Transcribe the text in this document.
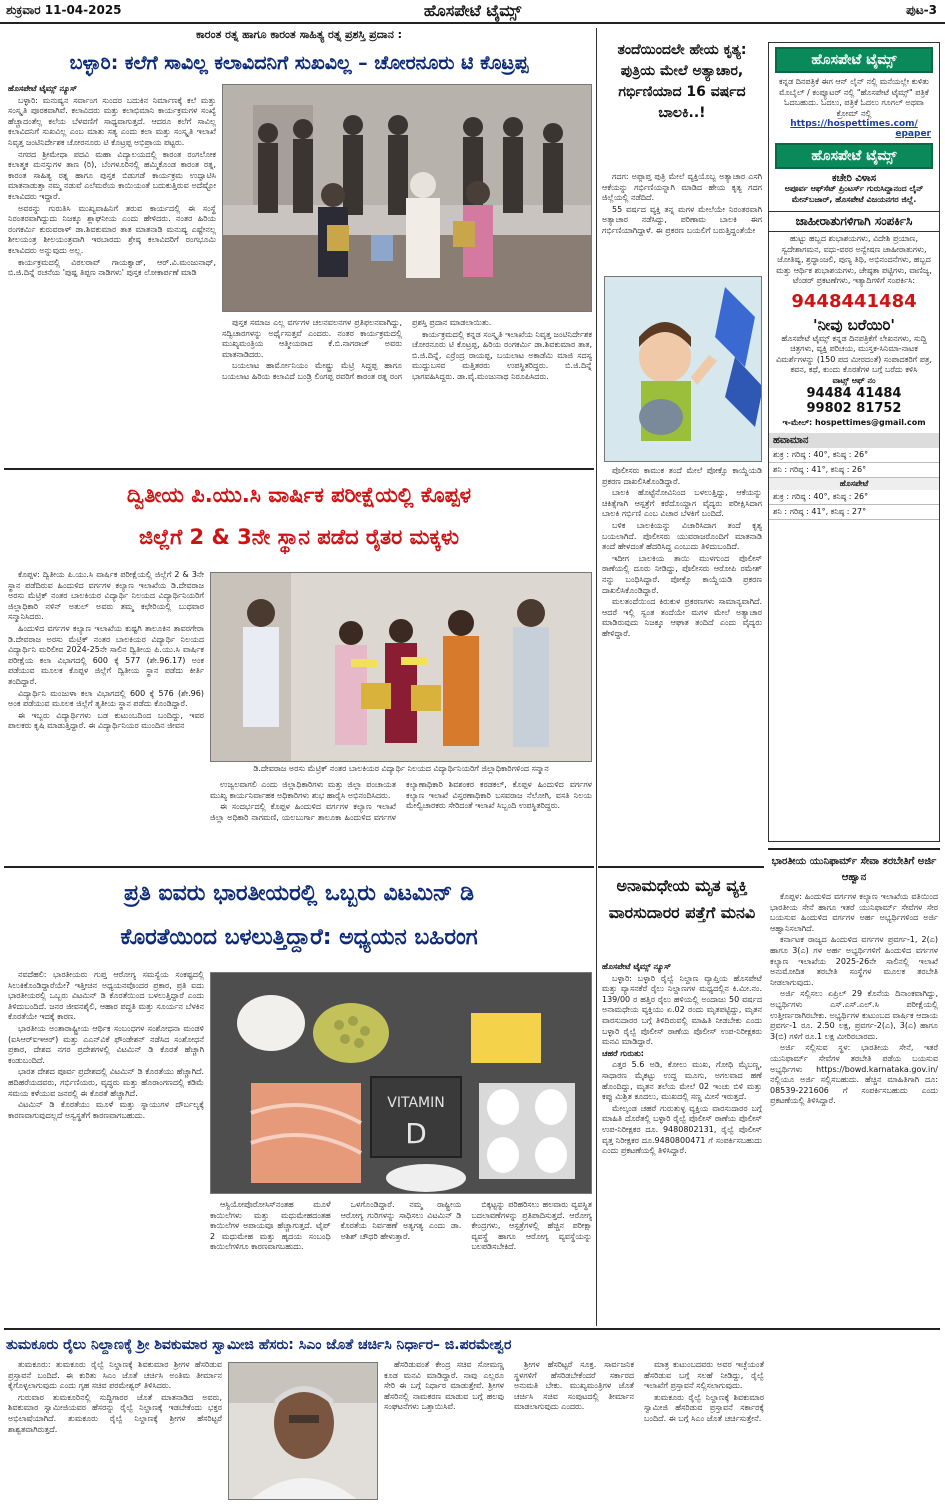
ಶುಕ್ರವಾರ 11-04-2025	ಹೊಸಪೇಟೆ ಟೈಮ್ಸ್	ಪುಟ-3
ಕಾರಂತ ರತ್ನ ಹಾಗೂ ಕಾರಂತ ಸಾಹಿತ್ಯ ರತ್ನ ಪ್ರಶಸ್ತಿ ಪ್ರದಾನ :
ಬಳ್ಳಾರಿ: ಕಲೆಗೆ ಸಾವಿಲ್ಲ ಕಲಾವಿದನಿಗೆ ಸುಖವಿಲ್ಲ – ಚೋರನೂರು ಟಿ ಕೊಟ್ರಪ್ಪ

ಹೊಸಪೇಟೆ ಟೈಮ್ಸ್ ನ್ಯೂಸ್

ಬಳ್ಳಾರಿ: ಮನುಷ್ಯನ ಸರ್ವಾಂಗ ಸುಂದರ ಬದುಕಿನ ನಿರ್ಮಾಣಕ್ಕೆ ಕಲೆ ಮತ್ತು ಸಂಸ್ಕೃತಿ ಪೂರಕವಾಗಿವೆ. ಕಲಾವಿದರು ಮತ್ತು ಕಲಾಭಿಮಾನಿ ಕಾರ್ಯಕ್ರಮಗಳ ಸಂಖ್ಯೆ ಹೆಚ್ಚಾದಂತೆಲ್ಲ ಕಲೆಯ ಬೆಳವಣಿಗೆ ಸಾಧ್ಯವಾಗುತ್ತದೆ. ಆದರೂ ಕಲೆಗೆ ಸಾವಿಲ್ಲ ಕಲಾವಿದನಿಗೆ ಸುಖವಿಲ್ಲ ಎಂಬ ಮಾತು ಸತ್ಯ ಎಂದು ಕಲಾ ಮತ್ತು ಸಂಸ್ಕೃತಿ ಇಲಾಖೆ ನಿವೃತ್ತ ಜಂಟಿನಿರ್ದೇಶಕ ಚೋರನೂರು ಟಿ ಕೊಟ್ರಪ್ಪ ಅಭಿಪ್ರಾಯ ಪಟ್ಟರು.

ನಗರದ ಶ್ರೀಮೇಧಾ ಪದವಿ ಮಹಾ ವಿದ್ಯಾಲಯದಲ್ಲಿ ಕಾರಂತ ರಂಗಲೋಕ ಕಲಾತ್ಮಕ ಮನಸ್ಸುಗಳ ತಾಣ (ರಿ), ಬೆಂಗಳೂರಿನಲ್ಲಿ ಹಮ್ಮಿಕೊಂಡ ಕಾರಂತ ರತ್ನ, ಕಾರಂತ ಸಾಹಿತ್ಯ ರತ್ನ ಹಾಗೂ ಪುಸ್ತಕ ಬಿಡುಗಡೆ ಕಾರ್ಯಕ್ರಮ ಉದ್ಘಾಟಿಸಿ ಮಾತನಾಡುತ್ತಾ ನಮ್ಮ ನಡುವೆ ಎಲೆಮರೆಯ ಕಾಯಿಯಂತೆ ಬದುಕುತ್ತಿರುವ ಅದೆಷ್ಟೋ ಕಲಾವಿದರು ಇದ್ದಾರೆ.

ಅವರನ್ನು ಗುರುತಿಸಿ ಮುಖ್ಯವಾಹಿನಿಗೆ ತರುವ ಕಾರ್ಯದಲ್ಲಿ ಈ ಸಂಸ್ಥೆ ನಿರಂತರವಾಗಿದ್ದುದು ನಿಜಕ್ಕೂ ಶ್ಲಾಘನೀಯ ಎಂದು ಹೇಳಿದರು. ನಂತರ ಹಿರಿಯ ರಂಗಕರ್ಮಿ ಕುರುವರಾಳ್ ಡಾ.ಶಿವಕುಮಾರ ತಾತ ಮಾತನಾಡಿ ಮನುಷ್ಯ ಎಷ್ಟೇನಲ್ಲ ಶೀಲಯಂತ್ರ ಶೀಲಯಂತ್ರವಾಗಿ ಇರಬಾರದು ಶ್ರೇಷ್ಠ ಕಲಾವಿದರಿಗೆ ರಂಗಭೂಮಿ ಕಲಾವಿದರು ಅನ್ನುವುದು ಅಲ್ಲ.

ಕಾರ್ಯಕ್ರಮದಲ್ಲಿ ವಿಠಲರಾವ್ ಗಾಯಕ್ವಾಡ್, ಆರ್.ವಿ.ಮಂಜುನಾಥ್, ಬಿ.ಜಿ.ದಿನ್ನೆ ರಚನೆಯ 'ಪುಷ್ಪ ತಿಪ್ಪಣ ನಾಡಿಗಳು' ಪುಸ್ತಕ ಲೋಕಾರ್ಪಣೆ ಮಾಡಿ

ಪುಸ್ತಕ ಸಮಾಜ ಎಲ್ಲ ವರ್ಗಗಳ ಚಲನವಲನಗಳ ಪ್ರತಿಫಲನವಾಗಿದ್ದು, ಸದ್ವಿಚಾರಗಳನ್ನು ಅರ್ಥೈಸುತ್ತವೆ ಎಂದರು. ನಂತರ ಕಾರ್ಯಕ್ರಮದಲ್ಲಿ ಮುಖ್ಯಮಂತ್ರಿಯ ಆತ್ಮೀಯರಾದ ಕೆ.ಬಿ.ನಾಗರಾಜ್ ಅವರು ಮಾತನಾಡಿದರು.

ಬಯಲಾಟ ಹಾರ್ಮೋನಿಯಂ ಮೇಷ್ಟ್ರು ಮೆಟ್ರಿ ಸಿದ್ದಪ್ಪ ಹಾಗೂ ಬಯಲಾಟ ಹಿರಿಯ ಕಲಾವಿದೆ ಬಂಡ್ರಿ ಲಿಂಗಪ್ಪ ರವರಿಗೆ ಕಾರಂತ ರತ್ನ ರಂಗ ಪ್ರಶಸ್ತಿ ಪ್ರದಾನ ಮಾಡಲಾಯಿತು.

ಕಾರ್ಯಕ್ರಮದಲ್ಲಿ ಕನ್ನಡ ಸಂಸ್ಕೃತಿ ಇಲಾಖೆಯ ನಿವೃತ್ತ ಜಂಟಿನಿರ್ದೇಶಕ ಚೋರನೂರು ಟಿ ಕೊಟ್ರಪ್ಪ, ಹಿರಿಯ ರಂಗಕರ್ಮಿ ಡಾ.ಶಿವಕುಮಾರ ತಾತ, ಬಿ.ಜಿ.ದಿನ್ನೆ, ಎರ್ರೆಂದ್ರ ರಾಯಪ್ಪ, ಬಯಲಾಟ ಅಕಾಡೆಮಿ ಮಾಜಿ ಸದಸ್ಯ ಮುದ್ದುಬಸವ ಮತ್ತಿತರರು ಉಪಸ್ಥಿತರಿದ್ದರು. ಬಿ.ಜಿ.ದಿನ್ನೆ ಭಾಗವಹಿಸಿದ್ದರು. ಡಾ.ವೈ.ಮಂಜುನಾಥ ನಿರೂಪಿಸಿದರು.

ದ್ವಿತೀಯ ಪಿ.ಯು.ಸಿ ವಾರ್ಷಿಕ ಪರೀಕ್ಷೆಯಲ್ಲಿ ಕೊಪ್ಪಳ
ಜಿಲ್ಲೆಗೆ 2 & 3ನೇ ಸ್ಥಾನ ಪಡೆದ ರೈತರ ಮಕ್ಕಳು

ಕೊಪ್ಪಳ: ದ್ವಿತೀಯ ಪಿ.ಯು.ಸಿ ವಾರ್ಷಿಕ ಪರೀಕ್ಷೆಯಲ್ಲಿ ಜಿಲ್ಲೆಗೆ 2 & 3ನೇ ಸ್ಥಾನ ಪಡೆದಿರುವ ಹಿಂದುಳಿದ ವರ್ಗಗಳ ಕಲ್ಯಾಣ ಇಲಾಖೆಯ ಡಿ.ದೇವರಾಜ ಅರಸು ಮೆಟ್ರಿಕ್ ನಂತರ ಬಾಲಕಿಯರ ವಿದ್ಯಾರ್ಥಿ ನಿಲಯದ ವಿದ್ಯಾರ್ಥಿನಿಯರಿಗೆ ಜಿಲ್ಲಾಧಿಕಾರಿ ನಳಿನ್ ಅತುಲ್ ಅವರು ತಮ್ಮ ಕಛೇರಿಯಲ್ಲಿ ಬುಧವಾರ ಸನ್ಮಾನಿಸಿದರು.

ಹಿಂದುಳಿದ ವರ್ಗಗಳ ಕಲ್ಯಾಣ ಇಲಾಖೆಯ ಕುಷ್ಟಗಿ ತಾಲೂಕಿನ ತಾವರಗೇರಾ ಡಿ.ದೇವರಾಜ ಅರಸು ಮೆಟ್ರಿಕ್ ನಂತರ ಬಾಲಕಿಯರ ವಿದ್ಯಾರ್ಥಿ ನಿಲಯದ ವಿದ್ಯಾರ್ಥಿನಿ ಮರಿಲೀವ 2024-25ನೇ ಸಾಲಿನ ದ್ವಿತೀಯ ಪಿ.ಯು.ಸಿ ವಾರ್ಷಿಕ ಪರೀಕ್ಷೆಯ ಕಲಾ ವಿಭಾಗದಲ್ಲಿ 600 ಕ್ಕೆ 577 (ಶೇ.96.17) ಅಂಕ ಪಡೆಯುವ ಮೂಲಕ ಕೊಪ್ಪಳ ಜಿಲ್ಲೆಗೆ ದ್ವಿತೀಯ ಸ್ಥಾನ ಪಡೆದು ಕೀರ್ತಿ ತಂದಿದ್ದಾರೆ.

ವಿದ್ಯಾರ್ಥಿನಿ ಮಂಜುಳಾ ಕಲಾ ವಿಭಾಗದಲ್ಲಿ 600 ಕ್ಕೆ 576 (ಶೇ.96) ಅಂಕ ಪಡೆಯುವ ಮೂಲಕ ಜಿಲ್ಲೆಗೆ ತೃತೀಯ ಸ್ಥಾನ ಪಡೆದು ಕೊಂಡಿದ್ದಾರೆ.

ಈ ಇಬ್ಬರು ವಿದ್ಯಾರ್ಥಿಗಳು ಬಡ ಕುಟುಂಬದಿಂದ ಬಂದಿದ್ದು, ಇವರ ಪಾಲಕರು ಕೃಷಿ ಮಾಡುತ್ತಿದ್ದಾರೆ. ಈ ವಿದ್ಯಾರ್ಥಿನಿಯರ ಮುಂದಿನ ಜೀವನ

ಡಿ.ದೇವರಾಜ ಅರಸು ಮೆಟ್ರಿಕ್ ನಂತರ ಬಾಲಕಿಯರ ವಿದ್ಯಾರ್ಥಿ ನಿಲಯದ ವಿದ್ಯಾರ್ಥಿನಿಯರಿಗೆ ಜಿಲ್ಲಾಧಿಕಾರಿಗಳಿಂದ ಸನ್ಮಾನ

ಉಜ್ವಲವಾಗಲಿ ಎಂದು ಜಿಲ್ಲಾಧಿಕಾರಿಗಳು ಮತ್ತು ಜಿಲ್ಲಾ ಪಂಚಾಯತ ಮುಖ್ಯ ಕಾರ್ಯನಿರ್ವಾಹಕ ಅಧಿಕಾರಿಗಳು ಶುಭ ಹಾರೈಸಿ ಅಭಿನಂದಿಸಿದರು.

ಈ ಸಂದರ್ಭದಲ್ಲಿ ಕೊಪ್ಪಳ ಹಿಂದುಳಿದ ವರ್ಗಗಳ ಕಲ್ಯಾಣ ಇಲಾಖೆ ಜಿಲ್ಲಾ ಅಧಿಕಾರಿ ನಾಗಮಣಿ, ಯಲಬುರ್ಗಾ ತಾಲೂಕಾ ಹಿಂದುಳಿದ ವರ್ಗಗಳ ಕಲ್ಯಾಣಾಧಿಕಾರಿ ಶಿವಶಂಕರ ಕರಡಕಲ್, ಕೊಪ್ಪಳ ಹಿಂದುಳಿದ ವರ್ಗಗಳ ಕಲ್ಯಾಣ ಇಲಾಖೆ ವಿಸ್ತರಣಾಧಿಕಾರಿ ಬಸವರಾಜ ನೆಲೋಗಿ, ವಸತಿ ನಿಲಯ ಮೇಲ್ವಿಚಾರಕರು ಸೇರಿದಂತೆ ಇಲಾಖೆ ಸಿಬ್ಬಂದಿ ಉಪಸ್ಥಿತರಿದ್ದರು.

ಪ್ರತಿ ಐವರು ಭಾರತೀಯರಲ್ಲಿ ಒಬ್ಬರು ವಿಟಮಿನ್ ಡಿ
ಕೊರತೆಯಿಂದ ಬಳಲುತ್ತಿದ್ದಾರೆ: ಅಧ್ಯಯನ ಬಹಿರಂಗ

ನವದೆಹಲಿ: ಭಾರತೀಯರು ಗುಪ್ತ ಆರೋಗ್ಯ ಸಮಸ್ಯೆಯ ಸಂಕಷ್ಟದಲ್ಲಿ ಸಿಲುಕಿಕೊಂಡಿದ್ದಾರೆಯೇ? ಇತ್ತೀಚಿನ ಅಧ್ಯಯನವೊಂದರ ಪ್ರಕಾರ, ಪ್ರತಿ ಐದು ಭಾರತೀಯರಲ್ಲಿ ಒಬ್ಬರು ವಿಟಮಿನ್ ಡಿ ಕೊರತೆಯಿಂದ ಬಳಲುತ್ತಿದ್ದಾರೆ ಎಂದು ತಿಳಿದುಬಂದಿದೆ. ಜನರ ಜೀವನಶೈಲಿ, ಆಹಾರ ಪದ್ಧತಿ ಮತ್ತು ಸೂರ್ಯನ ಬೆಳಕಿನ ಕೊರತೆಯೇ ಇದಕ್ಕೆ ಕಾರಣ.

ಭಾರತೀಯ ಅಂತಾರಾಷ್ಟ್ರೀಯ ಆರ್ಥಿಕ ಸಂಬಂಧಗಳ ಸಂಶೋಧನಾ ಮಂಡಳಿ (ಐಸಿಆರ್‌ಐಇಆರ್) ಮತ್ತು ಎಎನ್‌ವಿಕೆ ಫೌಂಡೇಶನ್ ನಡೆಸಿದ ಸಂಶೋಧನೆ ಪ್ರಕಾರ, ದೇಶದ ನಗರ ಪ್ರದೇಶಗಳಲ್ಲಿ ವಿಟಮಿನ್ ಡಿ ಕೊರತೆ ಹೆಚ್ಚಾಗಿ ಕಂಡುಬಂದಿದೆ.

ಭಾರತ ದೇಶದ ಪೂರ್ವ ಪ್ರದೇಶದಲ್ಲಿ ವಿಟಮಿನ್ ಡಿ ಕೊರತೆಯು ಹೆಚ್ಚಾಗಿದೆ. ಹದಿಹರೆಯದವರು, ಗರ್ಭಿಣಿಯರು, ವೃದ್ಧರು ಮತ್ತು ಹೊರಾಂಗಣದಲ್ಲಿ ಕಡಿಮೆ ಸಮಯ ಕಳೆಯುವ ಜನರಲ್ಲಿ ಈ ಕೊರತೆ ಹೆಚ್ಚಾಗಿದೆ.

ವಿಟಮಿನ್ ಡಿ ಕೊರತೆಯು ಮೂಳೆ ಮತ್ತು ಸ್ನಾಯುಗಳ ದೌರ್ಬಲ್ಯಕ್ಕೆ ಕಾರಣವಾಗುವುದಲ್ಲದೆ ಅಸ್ವಸ್ಥತೆಗೆ ಕಾರಣವಾಗಬಹುದು.

VITAMIN
D

ಆಸ್ಟಿಯೋಪೊರೋಸಿಸ್‌ನಂತಹ ಮೂಳೆ ಕಾಯಿಲೆಗಳು ಮತ್ತು ಮಧುಮೇಹದಂತಹ ಕಾಯಿಲೆಗಳ ಅಪಾಯವೂ ಹೆಚ್ಚಾಗುತ್ತದೆ. ಟೈಪ್ 2 ಮಧುಮೇಹ ಮತ್ತು ಹೃದಯ ಸಂಬಂಧಿ ಕಾಯಿಲೆಗಳಿಗೂ ಕಾರಣವಾಗಬಹುದು.

ಒಳಗೊಂಡಿದ್ದಾರೆ. ನಮ್ಮ ರಾಷ್ಟ್ರೀಯ ಆರೋಗ್ಯ ಗುರಿಗಳನ್ನು ಸಾಧಿಸಲು ವಿಟಮಿನ್ ಡಿ ಕೊರತೆಯ ನಿರ್ವಹಣೆ ಅತ್ಯಗತ್ಯ ಎಂದು ಡಾ. ಅಶಿಶ್ ಚೌಧರಿ ಹೇಳುತ್ತಾರೆ.

ಬಿಕ್ಕಟ್ಟನ್ನು ಪರಿಹರಿಸಲು ಹಲವಾರು ವ್ಯವಸ್ಥಿತ ಬದಲಾವಣೆಗಳನ್ನು ಪ್ರತಿಪಾದಿಸುತ್ತದೆ. ಆರೋಗ್ಯ ಕೇಂದ್ರಗಳು, ಆಸ್ಪತ್ರೆಗಳಲ್ಲಿ ಹೆಚ್ಚಿನ ಪರೀಕ್ಷಾ ವ್ಯವಸ್ಥೆ ಹಾಗೂ ಆರೋಗ್ಯ ವ್ಯವಸ್ಥೆಯನ್ನು ಬಲಪಡಿಸಬೇಕಿದೆ.

ತಂದೆಯಿಂದಲೇ ಹೇಯ ಕೃತ್ಯ: ಪುತ್ರಿಯ ಮೇಲೆ ಅತ್ಯಾಚಾರ, ಗರ್ಭಿಣಿಯಾದ 16 ವರ್ಷದ ಬಾಲಕಿ..!

ಗದಗ: ಅಪ್ಪಾಪ್ತ ಪುತ್ರಿ ಮೇಲೆ ವ್ಯಕ್ತಿಯೊಬ್ಬ ಅತ್ಯಾಚಾರ ಎಸಗಿ ಆಕೆಯನ್ನು ಗರ್ಭಿಣಿಯನ್ನಾಗಿ ಮಾಡಿದ ಹೇಯ ಕೃತ್ಯ ಗದಗ ಜಿಲ್ಲೆಯಲ್ಲಿ ನಡೆದಿದೆ.

55 ವರ್ಷದ ವ್ಯಕ್ತಿ ತನ್ನ ಮಗಳ ಮೇಲೆಯೇ ನಿರಂತರವಾಗಿ ಅತ್ಯಾಚಾರ ನಡೆಸಿದ್ದು, ಪರಿಣಾಮ ಬಾಲಕಿ ಈಗ ಗರ್ಭಿಣಿಯಾಗಿದ್ದಾಳೆ. ಈ ಪ್ರಕರಣ ಬಯಲಿಗೆ ಬರುತ್ತಿದ್ದಂತೆಯೇ

ಪೊಲೀಸರು ಕಾಮುಕ ತಂದೆ ಮೇಲೆ ಪೋಕ್ಸೊ ಕಾಯ್ದೆಯಡಿ ಪ್ರಕರಣ ದಾಖಲಿಸಿಕೊಂಡಿದ್ದಾರೆ.

ಬಾಲಕಿ ಹೊಟ್ಟೆನೋವಿನಿಂದ ಬಳಲುತ್ತಿದ್ದು, ಆಕೆಯನ್ನು ಚಿಕಿತ್ಸೆಗಾಗಿ ಆಸ್ಪತ್ರೆಗೆ ಕರೆದೊಯ್ದಾಗ ವೈದ್ಯರು ಪರೀಕ್ಷಿಸಿದಾಗ ಬಾಲಕಿ ಗರ್ಭಿಣಿ ಎಂಬ ವಿಚಾರ ಬೆಳಕಿಗೆ ಬಂದಿದೆ.

ಬಳಿಕ ಬಾಲಕಿಯನ್ನು ವಿಚಾರಿಸಿದಾಗ ತಂದೆ ಕೃತ್ಯ ಬಯಲಾಗಿದೆ. ಪೊಲೀಸರು ಯುವರಾಜರೊಂದಿಗೆ ಮಾತನಾಡಿ ತಂದೆ ಹೇಳದಂತೆ ಹೆದರಿಸಿದ್ದ ಎಂಬುದು ತಿಳಿದುಬಂದಿದೆ.

ಇದೀಗ ಬಾಲಕಿಯ ತಾಯಿ ಮುಳಗುಂದ ಪೊಲೀಸ್ ಠಾಣೆಯಲ್ಲಿ ದೂರು ನೀಡಿದ್ದು, ಪೊಲೀಸರು ಆರೋಪಿ ರಮೇಶ್ ನನ್ನು ಬಂಧಿಸಿದ್ದಾರೆ. ಪೋಕ್ಸೊ ಕಾಯ್ದೆಯಡಿ ಪ್ರಕರಣ ದಾಖಲಿಸಿಕೊಂಡಿದ್ದಾರೆ.

ಮಲತಂದೆಯಿಂದ ಕಿರುಕುಳ ಪ್ರಕರಣಗಳು ಸಾಮಾನ್ಯವಾಗಿದೆ. ಆದರೆ ಇಲ್ಲಿ ಸ್ವಂತ ತಂದೆಯೇ ಮಗಳ ಮೇಲೆ ಅತ್ಯಾಚಾರ ಮಾಡಿರುವುದು ನಿಜಕ್ಕೂ ಆಘಾತ ತಂದಿದೆ ಎಂದು ವೈದ್ಯರು ಹೇಳಿದ್ದಾರೆ.

ಅನಾಮಧೇಯ ಮೃತ ವ್ಯಕ್ತಿ ವಾರಸುದಾರರ ಪತ್ತೆಗೆ ಮನವಿ

ಹೊಸಪೇಟೆ ಟೈಮ್ಸ್ ನ್ಯೂಸ್

ಬಳ್ಳಾರಿ: ಬಳ್ಳಾರಿ ರೈಲ್ವೆ ನಿಲ್ದಾಣ ವ್ಯಾಪ್ತಿಯ ಹೊಸಪೇಟೆ ಮತ್ತು ವ್ಯಾಸನಕೆರೆ ರೈಲು ನಿಲ್ದಾಣಗಳ ಮಧ್ಯದಲ್ಲಿನ ಕಿ.ಮೀ.ನಂ. 139/00 ರ ಹತ್ತಿರ ರೈಲು ಹಳಿಯಲ್ಲಿ ಅಂದಾಜು 50 ವರ್ಷದ ಅನಾಮಧೇಯ ವ್ಯಕ್ತಿಯು ಏ.02 ರಂದು ಮೃತಪಟ್ಟಿದ್ದು, ಮೃತನ ವಾರಸುದಾರರ ಬಗ್ಗೆ ತಿಳಿದಿರುವಲ್ಲಿ ಮಾಹಿತಿ ನೀಡಬೇಕು ಎಂದು ಬಳ್ಳಾರಿ ರೈಲ್ವೆ ಪೊಲೀಸ್ ಠಾಣೆಯ ಪೊಲೀಸ್ ಉಪ-ನಿರೀಕ್ಷಕರು ಮನವಿ ಮಾಡಿದ್ದಾರೆ.

ಚಹರೆ ಗುರುತು:

ಎತ್ತರ 5.6 ಅಡಿ, ಕೋಲು ಮುಖ, ಗೋಧಿ ಮೈಬಣ್ಣ, ಸಾಧಾರಣ ಮೈಕಟ್ಟು ಉದ್ದ ಮೂಗು, ಅಗಲವಾದ ಹಣೆ ಹೊಂದಿದ್ದು, ಮೃತನ ತಲೆಯ ಮೇಲೆ 02 ಇಂಚು ಬಿಳಿ ಮತ್ತು ಕಪ್ಪು ಮಿಶ್ರಿತ ಕೂದಲು, ಮುಖದಲ್ಲಿ ಸಣ್ಣ ಮೀಸೆ ಇರುತ್ತದೆ.

ಮೇಲ್ಕಂಡ ಚಹರೆ ಗುರುತುಳ್ಳ ವ್ಯಕ್ತಿಯ ವಾರಸುದಾರರ ಬಗ್ಗೆ ಮಾಹಿತಿ ದೊರೆತಲ್ಲಿ ಬಳ್ಳಾರಿ ರೈಲ್ವೆ ಪೊಲೀಸ್ ಠಾಣೆಯ ಪೊಲೀಸ್ ಉಪ-ನಿರೀಕ್ಷಕರ ದೂ. 9480802131, ರೈಲ್ವೆ ಪೊಲೀಸ್ ವೃತ್ತ ನಿರೀಕ್ಷಕರ ದೂ.9480800471 ಗೆ ಸಂಪರ್ಕಿಸಬಹುದು ಎಂದು ಪ್ರಕಟಣೆಯಲ್ಲಿ ತಿಳಿಸಿದ್ದಾರೆ.

ಹೊಸಪೇಟೆ ಟೈಮ್ಸ್
ಕನ್ನಡ ದಿನಪತ್ರಿಕೆ ಈಗ ಆನ್ ಲೈನ್ ನಲ್ಲಿ ಮನೆಯಲ್ಲೇ ಕುಳಿತು ಮೊಬೈಲ್ / ಕಂಪ್ಯೂಟರ್ ನಲ್ಲಿ "ಹೊಸಪೇಟೆ ಟೈಮ್ಸ್" ಪತ್ರಿಕೆ ಓದಬಹುದು. ಓದಲು, ಪತ್ರಿಕೆ ಓದಲು ಗೂಗಲ್ ಅಥವಾ ಕ್ರೋಮ್ ನಲ್ಲಿ
https://hospettimes.com/
epaper
ಹೊಸಪೇಟೆ ಟೈಮ್ಸ್
ಕಚೇರಿ ವಿಳಾಸ
ಅಪೂರ್ವ ಆಫ್‌ಸೆಟ್ ಪ್ರಿಂಟರ್ಸ್ ಗುರುಸಿದ್ದಾನಂದ ಲೈನ್ ಮೇನ್‌ಬಜಾರ್, ಹೊಸಪೇಟೆ ವಿಜಯನಗರ ಜಿಲ್ಲೆ.
ಜಾಹೀರಾತುಗಳಿಗಾಗಿ ಸಂಪರ್ಕಿಸಿ
ಹುಟ್ಟು ಹಬ್ಬದ ಶುಭಾಶಯಗಳು, ವಿದೇಶಿ ಪ್ರಯಾಣ, ಸ್ವದೇಶಾಗಮನ, ವಧು-ವರರ ಅನ್ವೇಷಣ ಜಾಹೀರಾತುಗಳು, ಜೋತಿಷ್ಯ, ಶ್ರದ್ಧಾಂಜಲಿ, ಪುಣ್ಯ ತಿಥಿ, ಅಭಿನಂದನೆಗಳು, ಹಬ್ಬದ ಮತ್ತು ಆರ್ಥಿಕ ಶುಭಾಶಯಗಳು, ಜೇಷ್ಠತಾ ಪಟ್ಟಿಗಳು, ವಾಣಿಜ್ಯ, ಟೆಂಡರ್ ಪ್ರಕಟಣೆಗಳು, ಇತ್ಯಾದಿಗಳಿಗೆ ಸಂಪರ್ಕಿಸಿ:
9448441484
'ನೀವು ಬರೆಯಿರಿ'
ಹೊಸಪೇಟೆ ಟೈಮ್ಸ್ ಕನ್ನಡ ದಿನಪತ್ರಿಕೆಗೆ ಲೇಖನಗಳು, ಸುದ್ದಿ ಚಿತ್ರಗಳು, ವ್ಯಕ್ತಿ ಪರಿಚಯ, ಮುಸ್ತಕ-ಸಿನಿಮಾ-ನಾಟಕ ವಿಮರ್ಶೆಗಳನ್ನು (150 ಪದ ಮೀರದಂತೆ) ಸಂಪಾದಕರಿಗೆ ಪತ್ರ, ಕವನ, ಕಥೆ, ಕುಂದು ಕೊರತೆಗಳ ಬಗ್ಗೆ ಬರೆದು ಕಳಿಸಿ
ವಾಟ್ಸ್ ಆಫ್ ನಂ
94484 41484
99802 81752
ಇ-ಮೇಲ್: hospettimes@gmail.com
ಹವಾಮಾನ
ಶುಕ್ರ : ಗರಿಷ್ಠ : 40°, ಕನಿಷ್ಠ : 26°
ಶನಿ : ಗರಿಷ್ಠ : 41°, ಕನಿಷ್ಠ : 26°
ಹೊಸಪೇಟೆ
ಶುಕ್ರ : ಗರಿಷ್ಠ : 40°, ಕನಿಷ್ಠ : 26°
ಶನಿ : ಗರಿಷ್ಠ : 41°, ಕನಿಷ್ಠ : 27°
ಭಾರತೀಯ ಯುನಿಫಾರ್ಮ್ ಸೇವಾ ತರಬೇತಿಗೆ ಅರ್ಜಿ ಆಹ್ವಾನ

ಕೊಪ್ಪಳ: ಹಿಂದುಳಿದ ವರ್ಗಗಳ ಕಲ್ಯಾಣ ಇಲಾಖೆಯ ವತಿಯಿಂದ ಭಾರತೀಯ ಸೇನೆ ಹಾಗೂ ಇತರೆ ಯುನಿಫಾರ್ಮ್ ಸೇವೆಗಳ ಸೇರ ಬಯಸುವ ಹಿಂದುಳಿದ ವರ್ಗಗಳ ಅರ್ಹ ಅಭ್ಯರ್ಥಿಗಳಿಂದ ಅರ್ಜಿ ಆಹ್ವಾನಿಸಲಾಗಿದೆ.

ಕರ್ನಾಟಕ ರಾಜ್ಯದ ಹಿಂದುಳಿದ ವರ್ಗಗಳ ಪ್ರವರ್ಗ-1, 2(ಎ) ಹಾಗೂ 3(ಎ) ಗಳ ಅರ್ಹ ಅಭ್ಯರ್ಥಿಗಳಿಗೆ ಹಿಂದುಳಿದ ವರ್ಗಗಳ ಕಲ್ಯಾಣ ಇಲಾಖೆಯ 2025-26ನೇ ಸಾಲಿನಲ್ಲಿ ಇಲಾಖೆ ಅನುಮೋದಿತ ತರಬೇತಿ ಸಂಸ್ಥೆಗಳ ಮೂಲಕ ತರಬೇತಿ ನೀಡಲಾಗುವುದು.

ಅರ್ಜಿ ಸಲ್ಲಿಸಲು ಏಪ್ರಿಲ್ 29 ಕೊನೆಯ ದಿನಾಂಕವಾಗಿದ್ದು, ಅಭ್ಯರ್ಥಿಗಳು ಎಸ್.ಎಸ್.ಎಲ್.ಸಿ ಪರೀಕ್ಷೆಯಲ್ಲಿ ಉತ್ತೀರ್ಣರಾಗಿರಬೇಕು. ಅಭ್ಯರ್ಥಿಗಳ ಕುಟುಂಬದ ವಾರ್ಷಿಕ ಆದಾಯ ಪ್ರವರ್ಗ-1 ರೂ. 2.50 ಲಕ್ಷ, ಪ್ರವರ್ಗ-2(ಎ), 3(ಎ) ಹಾಗೂ 3(ಬಿ) ಗಳಿಗೆ ರೂ.1 ಲಕ್ಷ ಮೀರಿರಬಾರದು.

ಅರ್ಜಿ ಸಲ್ಲಿಸುವ ಸ್ಥಳ: ಭಾರತೀಯ ಸೇನೆ, ಇತರೆ ಯುನಿಫಾರ್ಮ್ ಸೇವೆಗಳ ತರಬೇತಿ ಪಡೆಯ ಬಯಸುವ ಅಭ್ಯರ್ಥಿಗಳು https://bowd.karnataka.gov.in/ ನಲ್ಲಿಯೂ ಅರ್ಜಿ ಸಲ್ಲಿಸಬಹುದು. ಹೆಚ್ಚಿನ ಮಾಹಿತಿಗಾಗಿ ದೂ: 08539-221606 ಗೆ ಸಂಪರ್ಕಿಸಬಹುದು ಎಂದು ಪ್ರಕಟಣೆಯಲ್ಲಿ ತಿಳಿಸಿದ್ದಾರೆ.

ತುಮಕೂರು ರೈಲು ನಿಲ್ದಾಣಕ್ಕೆ ಶ್ರೀ ಶಿವಕುಮಾರ ಸ್ವಾಮೀಜಿ ಹೆಸರು: ಸಿಎಂ ಜೊತೆ ಚರ್ಚಿಸಿ ನಿರ್ಧಾರ– ಜಿ.ಪರಮೇಶ್ವರ

ತುಮಕೂರು: ತುಮಕೂರು ರೈಲ್ವೆ ನಿಲ್ದಾಣಕ್ಕೆ ಶಿವಕುಮಾರ ಶ್ರೀಗಳ ಹೆಸರಿಡುವ ಪ್ರಸ್ತಾವನೆ ಬಂದಿದೆ. ಈ ಕುರಿತು ಸಿಎಂ ಜೊತೆ ಚರ್ಚಿಸಿ ಅಂತಿಮ ತೀರ್ಮಾನ ಕೈಗೊಳ್ಳಲಾಗುವುದು ಎಂದು ಗೃಹ ಸಚಿವ ಪರಮೇಶ್ವರ್ ತಿಳಿಸಿದರು.

ಗುರುವಾರ ತುಮಕೂರಿನಲ್ಲಿ ಸುದ್ದಿಗಾರರ ಜೊತೆ ಮಾತನಾಡಿದ ಅವರು, ಶಿವಕುಮಾರ ಸ್ವಾಮೀಜಿಯವರ ಹೆಸರನ್ನು ರೈಲ್ವೆ ನಿಲ್ದಾಣಕ್ಕೆ ಇಡಬೇಕೆಂದು ಭಕ್ತರ ಅಭಿಲಾಷೆಯಾಗಿದೆ. ತುಮಕೂರು ರೈಲ್ವೆ ನಿಲ್ದಾಣಕ್ಕೆ ಶ್ರೀಗಳ ಹೆಸರಿಟ್ಟರೆ ಶಾಶ್ವತವಾಗಿರುತ್ತದೆ.

ಹೆಸರಿಡುವಂತೆ ಕೇಂದ್ರ ಸಚಿವ ಸೋಮಣ್ಣ ಕೂಡ ಮನವಿ ಮಾಡಿದ್ದಾರೆ. ನಾವು ಎಲ್ಲರೂ ಸೇರಿ ಈ ಬಗ್ಗೆ ನಿರ್ಧಾರ ಮಾಡುತ್ತೇವೆ. ಶ್ರೀಗಳ ಹೆಸರಿನಲ್ಲಿ ನಾಮಕರಣ ಮಾಡುವ ಬಗ್ಗೆ ಹಲವು ಸಂಘಟನೆಗಳು ಒತ್ತಾಯಿಸಿವೆ.

ಶ್ರೀಗಳ ಹೆಸರಿಟ್ಟರೆ ಸೂಕ್ತ. ಸಾರ್ವಜನಿಕ ಸ್ಥಳಗಳಿಗೆ ಹೆಸರಿಡಬೇಕೆಂದರೆ ಸರ್ಕಾರದ ಅನುಮತಿ ಬೇಕು. ಮುಖ್ಯಮಂತ್ರಿಗಳ ಜೊತೆ ಚರ್ಚಿಸಿ ಸಚಿವ ಸಂಪುಟದಲ್ಲಿ ತೀರ್ಮಾನ ಮಾಡಲಾಗುವುದು ಎಂದರು.

ಮಾತ್ರ ಕುಟುಂಬದವರು ಅವರ ಇಚ್ಛೆಯಂತೆ ಹೆಸರಿಡುವ ಬಗ್ಗೆ ಸಲಹೆ ನೀಡಿದ್ದು, ರೈಲ್ವೆ ಇಲಾಖೆಗೆ ಪ್ರಸ್ತಾವನೆ ಸಲ್ಲಿಸಲಾಗುವುದು.

ತುಮಕೂರು ರೈಲ್ವೆ ನಿಲ್ದಾಣಕ್ಕೆ ಶಿವಕುಮಾರ ಸ್ವಾಮೀಜಿ ಹೆಸರಿಡುವ ಪ್ರಸ್ತಾವನೆ ಸರ್ಕಾರಕ್ಕೆ ಬಂದಿದೆ. ಈ ಬಗ್ಗೆ ಸಿಎಂ ಜೊತೆ ಚರ್ಚಿಸುತ್ತೇನೆ.
